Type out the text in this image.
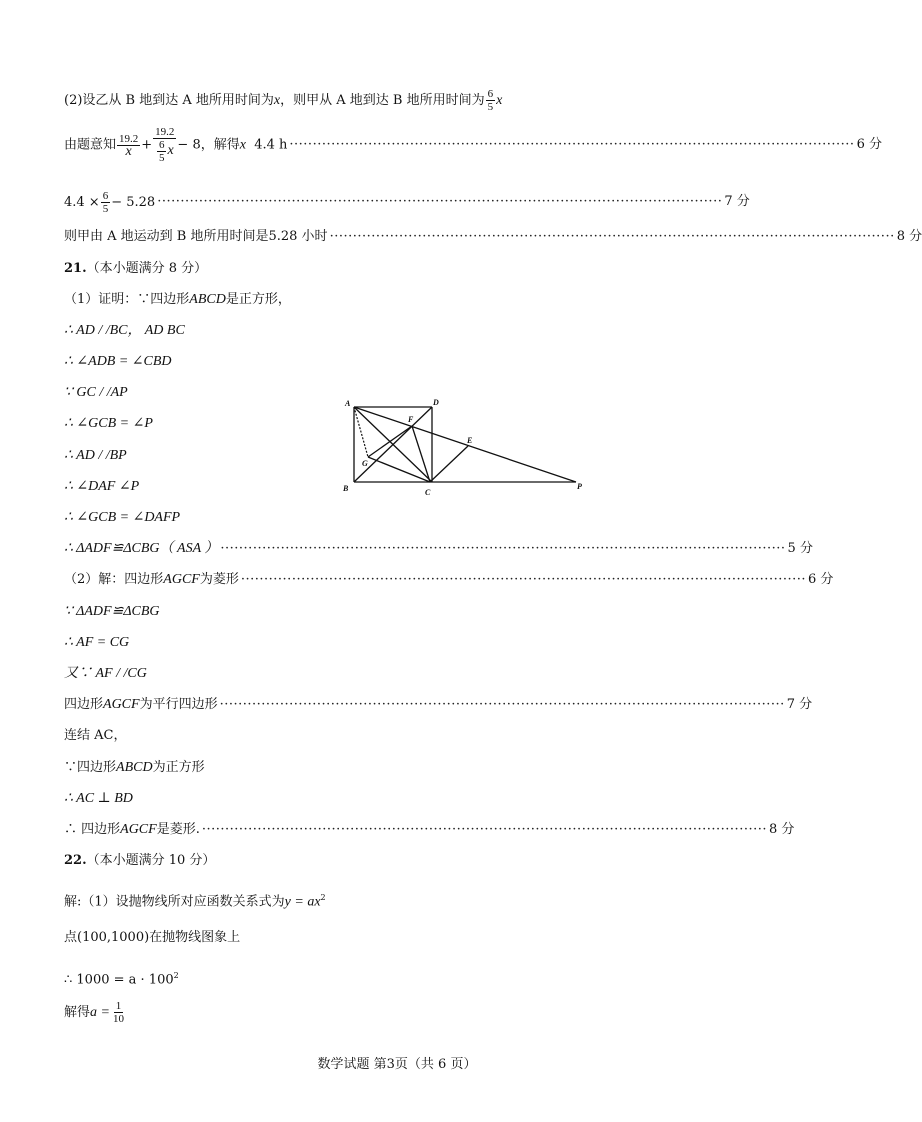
(2)设乙从 B 地到达 A 地所用时间为x，则甲从 A 地到达 B 地所用时间为 $\frac{6}{5}$ x
由题意知 $\frac{19.2}{x} + \frac{19.2}{\frac{6}{5} x} - 8$，解得x 4.4 h ·························································································································· 6 分
$4.4 \times \frac{6}{5} - 5.28$ ·························································································································· 7 分
则甲由 A 地运动到 B 地所用时间是5.28 小时 ·························································································································· 8 分
21.（本小题满分 8 分）
（1）证明：∵四边形ABCD是正方形，
∴ AD / /BC， AD BC
∴ ∠ADB = ∠CBD
∵ GC / /AP
∴ ∠GCB = ∠P
∴ AD / /BP
∴ ∠DAF ∠P
∴ ∠GCB = ∠DAFP
∴ ΔADF≌ΔCBG（ ASA ） ·························································································································· 5 分
（2）解：四边形AGCF为菱形 ·························································································································· 6 分
∵ ΔADF≌ΔCBG
∴ AF = CG
又∵ AF / /CG
四边形AGCF为平行四边形 ·························································································································· 7 分
连结 AC，
∵四边形ABCD为正方形
∴ AC ⊥ BD
∴ 四边形AGCF是菱形. ·························································································································· 8 分
A	D
F
E
G
B	C
P
22.（本小题满分 10 分）
解:（1）设抛物线所对应函数关系式为$y = ax^2$
点(100,1000)在抛物线图象上
∴ $1000 = a \cdot 100^2$
解得$a = \frac{1}{10}$
数学试题 第3页（共 6 页）
